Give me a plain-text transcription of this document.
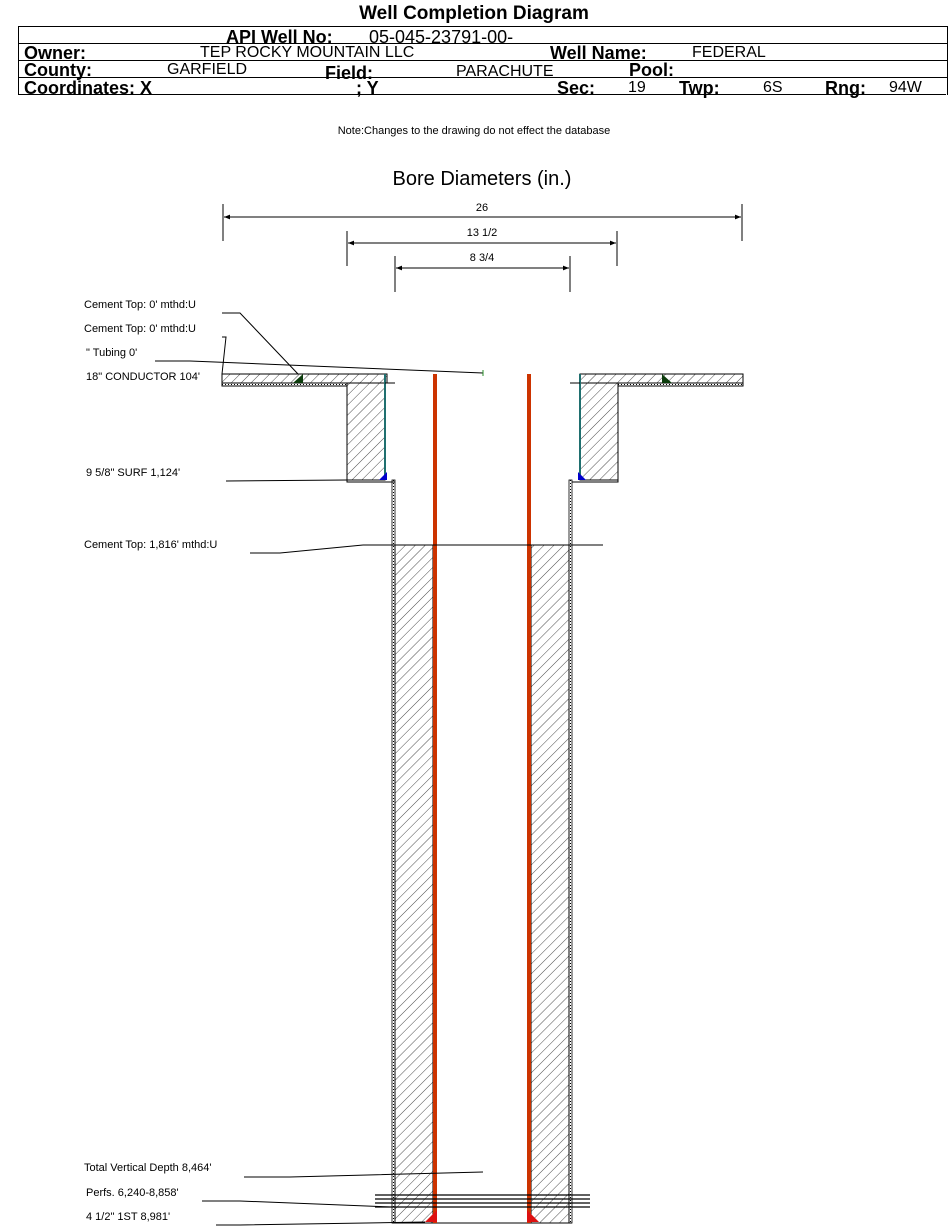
Well Completion Diagram
API Well No: 05-045-23791-00-
Owner:	TEP ROCKY MOUNTAIN LLC	Well Name:	FEDERAL
County:	GARFIELD	Field:	PARACHUTE	Pool:
Coordinates: X	; Y	Sec: 19 Twp:	6S Rng: 94W
Note:Changes to the drawing do not effect the database
Bore Diameters (in.)
26
13 1/2
8 3/4
Cement Top: 0' mthd:U
Cement Top: 0' mthd:U
" Tubing 0'
18" CONDUCTOR 104'
9 5/8" SURF 1,124'
Cement Top: 1,816' mthd:U
Total Vertical Depth 8,464'
Perfs. 6,240-8,858'
4 1/2" 1ST 8,981'
